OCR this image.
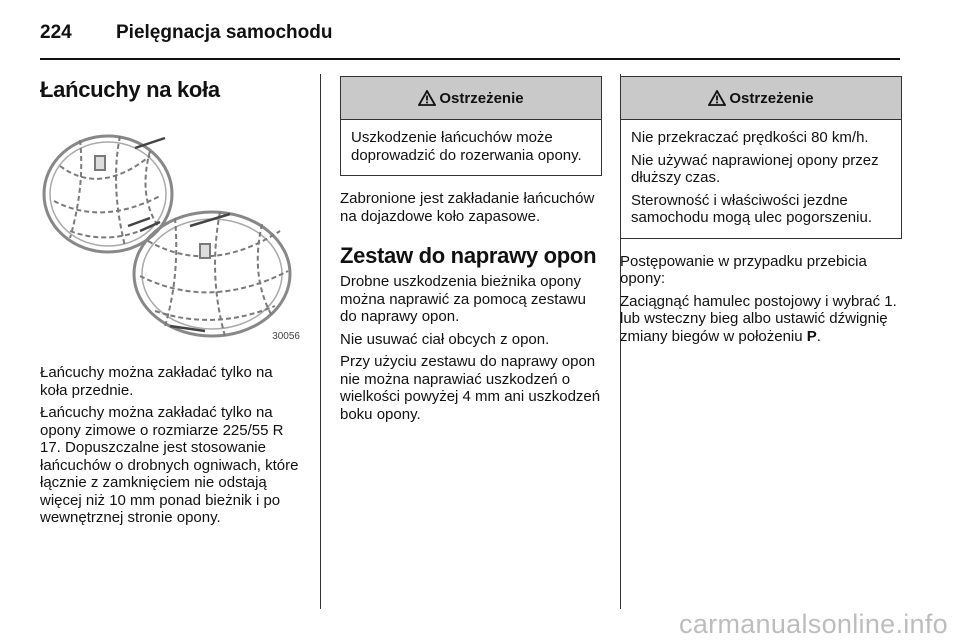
224	Pielęgnacja samochodu
Łańcuchy na koła
30056

Łańcuchy można zakładać tylko na koła przednie.

Łańcuchy można zakładać tylko na opony zimowe o rozmiarze 225/55 R 17. Dopuszczalne jest stosowanie łańcuchów o drobnych ogniwach, które łącznie z zamknięciem nie odstają więcej niż 10 mm ponad bieżnik i po wewnętrznej stronie opony.

Ostrzeżenie

Uszkodzenie łańcuchów może doprowadzić do rozerwania opony.

Zabronione jest zakładanie łańcuchów na dojazdowe koło zapasowe.

Zestaw do naprawy opon

Drobne uszkodzenia bieżnika opony można naprawić za pomocą zestawu do naprawy opon.

Nie usuwać ciał obcych z opon.

Przy użyciu zestawu do naprawy opon nie można naprawiać uszkodzeń o wielkości powyżej 4 mm ani uszkodzeń boku opony.

Ostrzeżenie

Nie przekraczać prędkości 80 km/h.

Nie używać naprawionej opony przez dłuższy czas.

Sterowność i właściwości jezdne samochodu mogą ulec pogorszeniu.

Postępowanie w przypadku przebicia opony:

Zaciągnąć hamulec postojowy i wybrać 1. lub wsteczny bieg albo ustawić dźwignię zmiany biegów w położeniu P.

carmanualsonline.info
